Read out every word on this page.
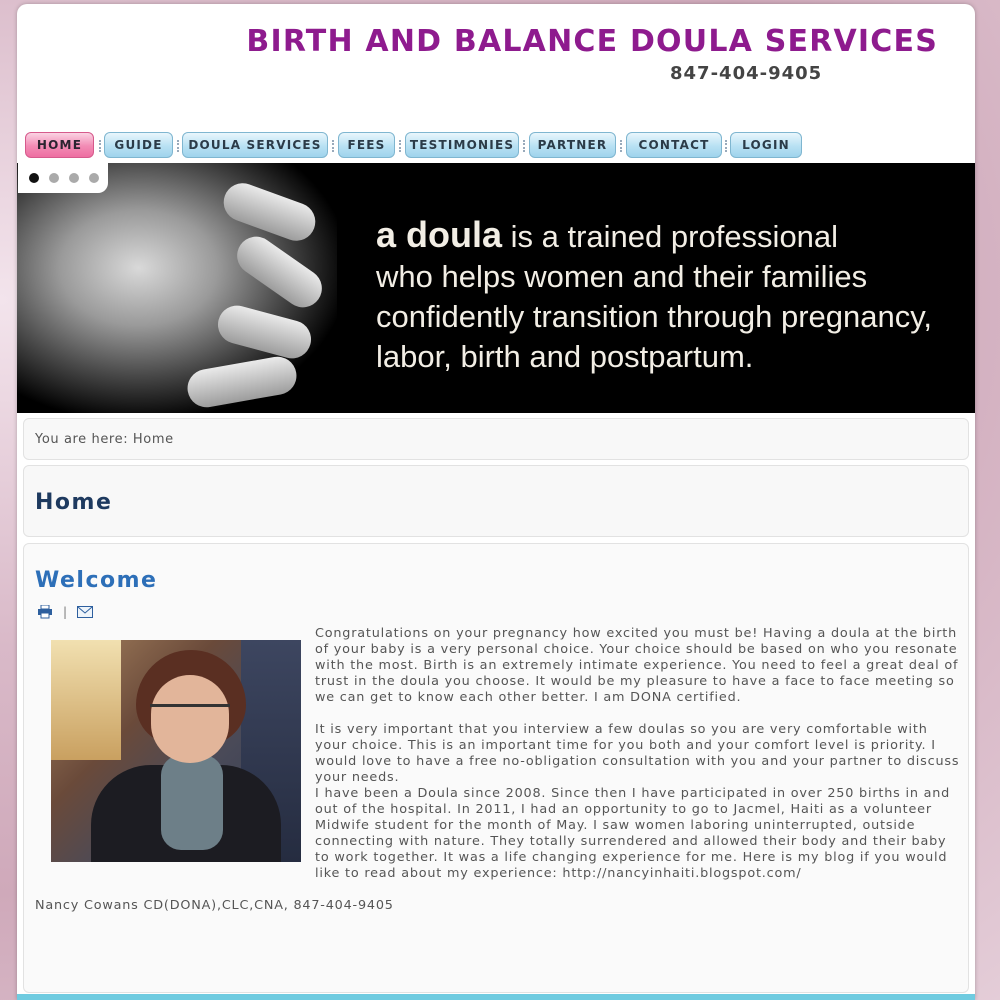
BIRTH AND BALANCE DOULA SERVICES
847-404-9405
HOME	GUIDE	DOULA SERVICES	FEES	TESTIMONIES	PARTNER	CONTACT	LOGIN
a doula is a trained professional
who helps women and their families
confidently transition through pregnancy,
labor, birth and postpartum.
You are here: Home
Home
Welcome
|

Congratulations on your pregnancy how excited you must be! Having a doula at the birth of your baby is a very personal choice. Your choice should be based on who you resonate with the most. Birth is an extremely intimate experience. You need to feel a great deal of trust in the doula you choose. It would be my pleasure to have a face to face meeting so we can get to know each other better. I am DONA certified.

It is very important that you interview a few doulas so you are very comfortable with your choice. This is an important time for you both and your comfort level is priority. I would love to have a free no-obligation consultation with you and your partner to discuss your needs.

I have been a Doula since 2008. Since then I have participated in over 250 births in and out of the hospital. In 2011, I had an opportunity to go to Jacmel, Haiti as a volunteer Midwife student for the month of May. I saw women laboring uninterrupted, outside connecting with nature. They totally surrendered and allowed their body and their baby to work together. It was a life changing experience for me. Here is my blog if you would like to read about my experience: http://nancyinhaiti.blogspot.com/

Nancy Cowans CD(DONA),CLC,CNA, 847-404-9405
